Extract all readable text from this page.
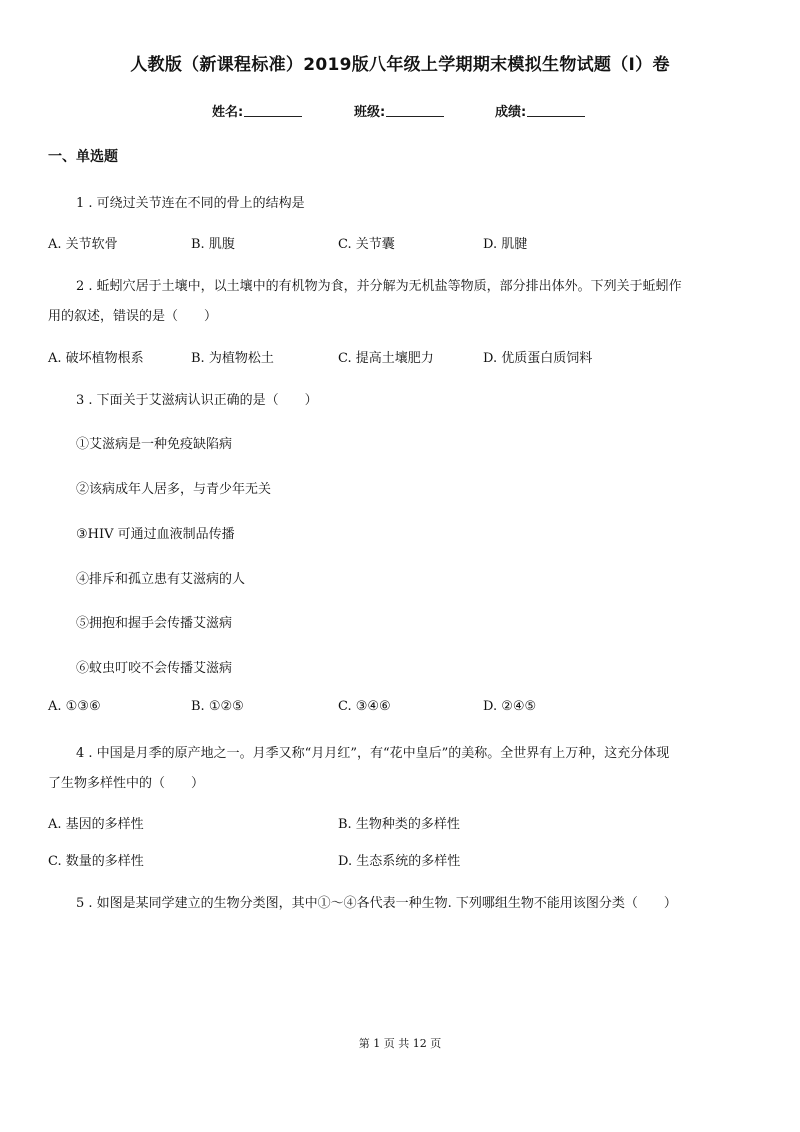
人教版（新课程标准）2019版八年级上学期期末模拟生物试题（I）卷
姓名:	班级:	成绩:
一、单选题
1 . 可绕过关节连在不同的骨上的结构是
A. 关节软骨	B. 肌腹	C. 关节囊	D. 肌腱
2 . 蚯蚓穴居于土壤中，以土壤中的有机物为食，并分解为无机盐等物质，部分排出体外。下列关于蚯蚓作
用的叙述，错误的是（　　）
A. 破坏植物根系	B. 为植物松土	C. 提高土壤肥力	D. 优质蛋白质饲料
3 . 下面关于艾滋病认识正确的是（　　）
①艾滋病是一种免疫缺陷病
②该病成年人居多，与青少年无关
③HIV 可通过血液制品传播
④排斥和孤立患有艾滋病的人
⑤拥抱和握手会传播艾滋病
⑥蚊虫叮咬不会传播艾滋病
A. ①③⑥	B. ①②⑤	C. ③④⑥	D. ②④⑤
4 . 中国是月季的原产地之一。月季又称“月月红”，有“花中皇后”的美称。全世界有上万种，这充分体现
了生物多样性中的（　　）
A. 基因的多样性	B. 生物种类的多样性
C. 数量的多样性	D. 生态系统的多样性
5 . 如图是某同学建立的生物分类图，其中①～④各代表一种生物. 下列哪组生物不能用该图分类（　　）
第 1 页 共 12 页
